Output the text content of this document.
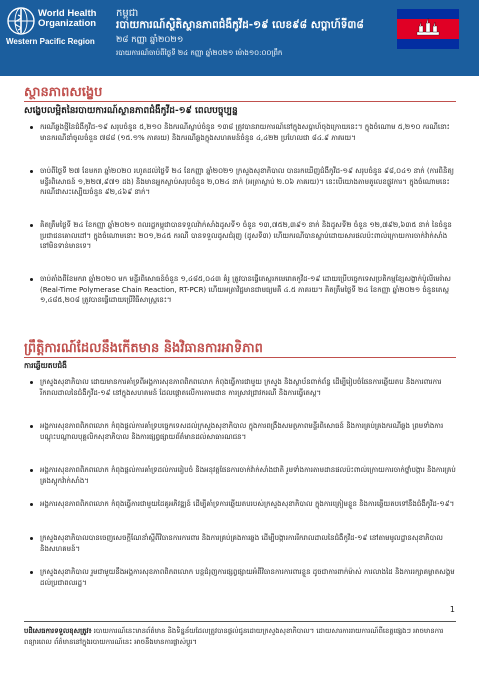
World Health
Organization
Western Pacific Region
កម្ពុជា
របាយការណ៍ស្ថិតិស្ថានភាពជំងឺកូវីដ-១៩ លេខ៩៨ សប្តាហ៍ទី៣៨
២៨ កញ្ញា ឆ្នាំ២០២១
របាយការណ៍ចាប់ពីថ្ងៃទី ២៤ កញ្ញា ឆ្នាំ២០២១ ម៉ោង១០:០០ព្រឹក
ស្ថានភាពសង្ខេប
សង្ខេបលម្អិតនៃរបាយការណ៍ស្ថានភាពជំងឺកូវីដ-១៩ ពេលបច្ចុប្បន្ន
ករណីឆ្លងថ្មីនៃជំងឺកូវីដ-១៩ សរុបចំនួន ៥,២១០ និងករណីស្លាប់ចំនួន ១៣៨ ត្រូវបានរាយការណ៍នៅក្នុងសប្តាហ៍ចុងក្រោយនេះ។ ក្នុងចំណោម ៥,២១០ ករណីនោះ មានករណីនាំចូលចំនួន ៧៨៨ (១៥.១% ភាគរយ) និងករណីឆ្លងក្នុងសហគមន៍ចំនួន ៤,៤២២ ប្រហែលជា ៨៤.៩ ភាគរយ។
ចាប់ពីថ្ងៃទី ២៧ ខែមករា ឆ្នាំ២០២០ រហូតដល់ថ្ងៃទី ២៤ ខែកញ្ញា ឆ្នាំ២០២១ ក្រសួងសុខាភិបាល បានរកឃើញជំងឺកូវីដ-១៩ សរុបចំនួន ៩៨,០៤១ នាក់ (ការពិនិត្យមន្ទីរពិសោធន៍ ១,២២៧,៩៧១ ដង) និងមានអ្នកស្លាប់សរុបចំនួន ២,០២៤ នាក់ (អត្រាស្លាប់ ២.០៦ ភាគរយ)។ នេះបើយោងតាមតួលេខផ្លូវការ។ ក្នុងចំណោមនេះ ករណីជាសះស្បើយចំនួន ៩២,៤៦៩ នាក់។
គិតត្រឹមថ្ងៃទី ២៤ ខែកញ្ញា ឆ្នាំ២០២១ ពលរដ្ឋកម្ពុជាបានទទួលវ៉ាក់សាំងដូសទី១ ចំនួន ១៣,៧៥២,៣៩១ នាក់ និងដូសទី២ ចំនួន ១២,៧៩២,៦៣៥ នាក់ នៃចំនួនប្រជាជនគោលដៅ។ ក្នុងចំណោមនោះ ២០១,២៤៥ ករណី បានទទួលដូសជំរុញ (ដូសទី៣) ហើយករណីបានស្លាប់ដោយសារផលប៉ះពាល់ក្រោយការចាក់វ៉ាក់សាំងនៅមិនទាន់មានទេ។
ចាប់តាំងពីខែមករា ឆ្នាំ២០២០ មក មន្ទីរពិសោធន៍ចំនួន ១,៤៨៥,០៤៣ គំរូ ត្រូវបានធ្វើតេស្តរកមេរោគកូវីដ-១៩ ដោយប្រើបច្ចេកទេសប្រតិកម្មខ្សែសង្វាក់ប៉ូលីមេរ៉ាស (Real-Time Polymerase Chain Reaction, RT-PCR) ហើយអត្រាវិជ្ជមានជាមធ្យមគឺ ៤.៥ ភាគរយ។ គិតត្រឹមថ្ងៃទី ២៤ ខែកញ្ញា ឆ្នាំ២០២១ ចំនួនតេស្ត ១,៤៨៥,២០៨ ត្រូវបានធ្វើដោយប្រើវិធីសាស្ត្រនេះ។
ព្រឹត្តិការណ៍ដែលនឹងកើតមាន និងវិធានការអាទិភាព
ការឆ្លើយតបជំងឺ
ក្រសួងសុខាភិបាល ដោយមានការគាំទ្រពីអង្គការសុខភាពពិភពលោក កំពុងធ្វើការជាមួយ ក្រសួង និងស្ថាប័នពាក់ព័ន្ធ ដើម្បីរៀបចំផែនការឆ្លើយតប និងការពារការរីករាលដាលនៃជំងឺកូវីដ-១៩ នៅក្នុងសហគមន៍ ដែលផ្តោតលើការតាមដាន ការស្រាវជ្រាវករណី និងការធ្វើតេស្ត។
អង្គការសុខភាពពិភពលោក កំពុងផ្តល់ការគាំទ្របច្ចេកទេសដល់ក្រសួងសុខាភិបាល ក្នុងការពង្រឹងសមត្ថភាពមន្ទីរពិសោធន៍ និងការគ្រប់គ្រងករណីឆ្លង ព្រមទាំងការបណ្តុះបណ្តាលបុគ្គលិកសុខាភិបាល និងការផ្សព្វផ្សាយព័ត៌មានដល់សាធារណជន។
អង្គការសុខភាពពិភពលោក កំពុងផ្តល់ការគាំទ្រដល់ការរៀបចំ និងអនុវត្តផែនការចាក់វ៉ាក់សាំងជាតិ រួមទាំងការតាមដានផលប៉ះពាល់ក្រោយការចាក់ថ្នាំបង្ការ និងការគ្រប់គ្រងស្តុកវ៉ាក់សាំង។
អង្គការសុខភាពពិភពលោក កំពុងធ្វើការជាមួយដៃគូអភិវឌ្ឍន៍ ដើម្បីគាំទ្រការឆ្លើយតបរបស់ក្រសួងសុខាភិបាល ក្នុងការត្រៀមខ្លួន និងការឆ្លើយតបទៅនឹងជំងឺកូវីដ-១៩។
ក្រសួងសុខាភិបាលបានចេញសេចក្តីណែនាំស្តីពីវិធានការការពារ និងការគ្រប់គ្រងការឆ្លង ដើម្បីបង្ការការរីករាលដាលនៃជំងឺកូវីដ-១៩ នៅតាមមូលដ្ឋានសុខាភិបាល និងសហគមន៍។
ក្រសួងសុខាភិបាល រួមជាមួយនឹងអង្គការសុខភាពពិភពលោក បន្តជំរុញការផ្សព្វផ្សាយអំពីវិធានការការពារខ្លួន ដូចជាការពាក់ម៉ាស់ ការលាងដៃ និងការរក្សាគម្លាតសង្គម ដល់ប្រជាពលរដ្ឋ។
1
បដិសេធការទទួលខុសត្រូវ៖ របាយការណ៍នេះមានព័ត៌មាន និងទិន្នន័យដែលត្រូវបានផ្តល់ជូនដោយក្រសួងសុខាភិបាល។ ដោយសារការរាយការណ៍ពីខេត្តផ្សេងៗ អាចមានការពន្យារពេល ព័ត៌មាននៅក្នុងរបាយការណ៍នេះ អាចនឹងមានការផ្លាស់ប្តូរ។
